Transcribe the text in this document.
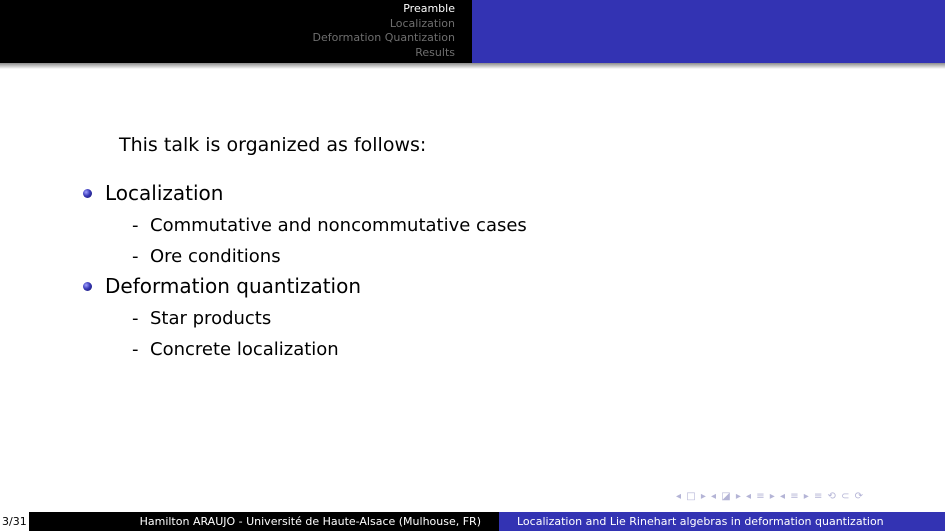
Preamble
Localization
Deformation Quantization
Results
This talk is organized as follows:
Localization
- Commutative and noncommutative cases
- Ore conditions
Deformation quantization
- Star products
- Concrete localization
◂ □ ▸ ◂ ◪ ▸ ◂ ≡ ▸ ◂ ≡ ▸ ≡ ⟲ ⊂ ⟳
3/31	Hamilton ARAUJO - Université de Haute-Alsace (Mulhouse, FR)	Localization and Lie Rinehart algebras in deformation quantization
